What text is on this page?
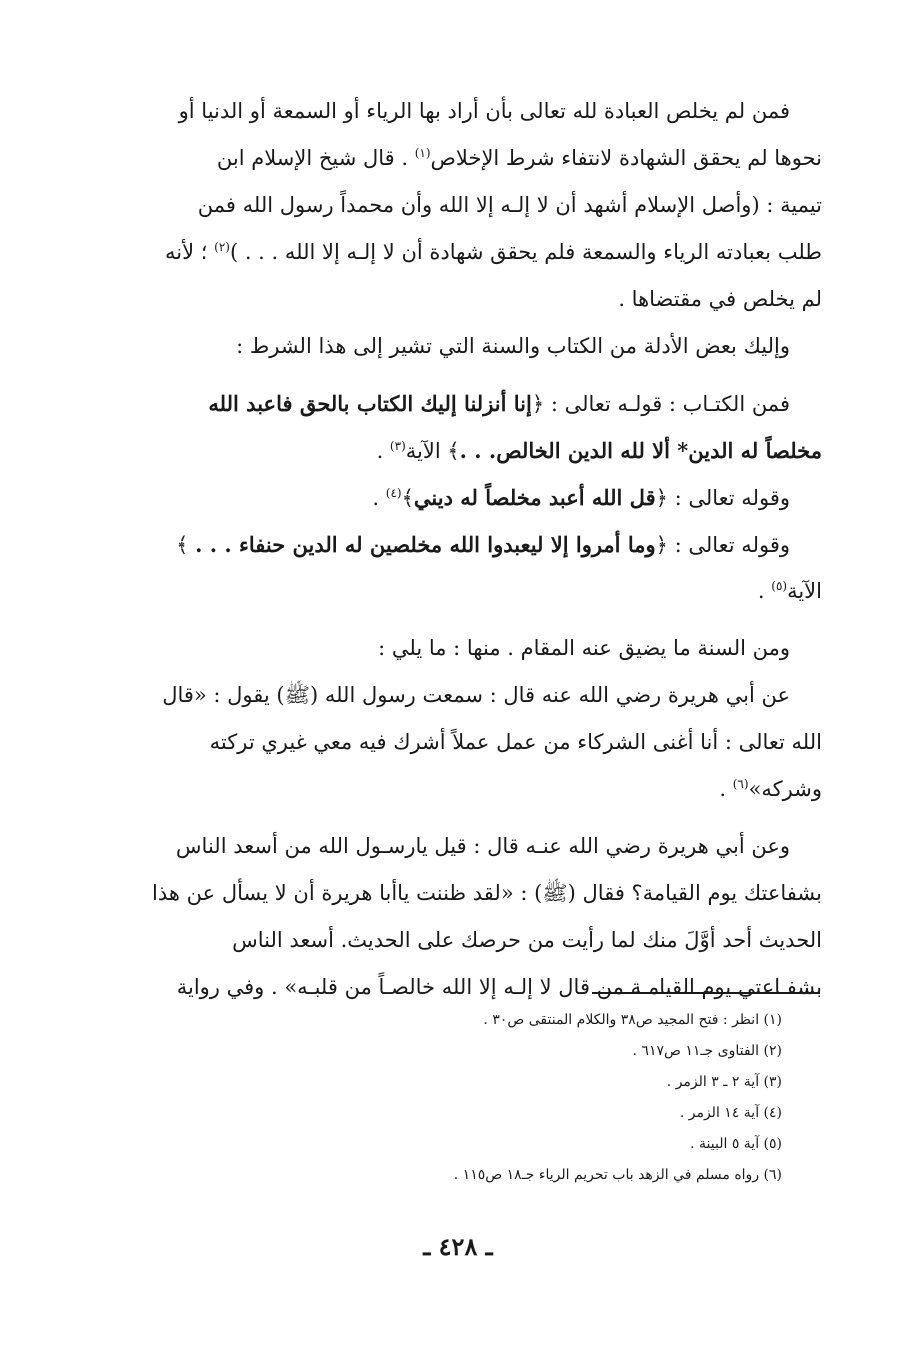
فمن لم يخلص العبادة لله تعالى بأن أراد بها الرياء أو السمعة أو الدنيا أو
نحوها لم يحقق الشهادة لانتفاء شرط الإخلاص$^{(١)}$ . قال شيخ الإسلام ابن
تيمية : (وأصل الإسلام أشهد أن لا إلـه إلا الله وأن محمداً رسول الله فمن
طلب بعبادته الرياء والسمعة فلم يحقق شهادة أن لا إلـه إلا الله . . . )$^{(٢)}$ ؛ لأنه
لم يخلص في مقتضاها .
وإليك بعض الأدلة من الكتاب والسنة التي تشير إلى هذا الشرط :
فمن الكتـاب : قولـه تعالى : ﴿إنا أنزلنا إليك الكتاب بالحق فاعبد الله
مخلصاً له الدين* ألا لله الدين الخالص. . .﴾ الآية$^{(٣)}$ .
وقوله تعالى : ﴿قل الله أعبد مخلصاً له ديني﴾$^{(٤)}$ .
وقوله تعالى : ﴿وما أمروا إلا ليعبدوا الله مخلصين له الدين حنفاء . . . ﴾
الآية$^{(٥)}$ .
ومن السنة ما يضيق عنه المقام . منها : ما يلي :
عن أبي هريرة رضي الله عنه قال : سمعت رسول الله (ﷺ) يقول : «قال
الله تعالى : أنا أغنى الشركاء من عمل عملاً أشرك فيه معي غيري تركته
وشركه»$^{(٦)}$ .
وعن أبي هريرة رضي الله عنـه قال : قيل يارسـول الله من أسعد الناس
بشفاعتك يوم القيامة؟ فقال (ﷺ) : «لقد ظننت ياأبا هريرة أن لا يسأل عن هذا
الحديث أحد أوَّلَ منك لما رأيت من حرصك على الحديث. أسعد الناس
بشفـاعتي يوم القيامـة من قال لا إلـه إلا الله خالصـاً من قلبـه» . وفي رواية
(١) انظر : فتح المجيد ص٣٨ والكلام المنتقى ص٣٠ .
(٢) الفتاوى جـ١١ ص٦١٧ .
(٣) آية ٢ ـ ٣ الزمر .
(٤) آية ١٤ الزمر .
(٥) آية ٥ البينة .
(٦) رواه مسلم في الزهد باب تحريم الرياء جـ١٨ ص١١٥ .
ـ ٤٢٨ ـ
